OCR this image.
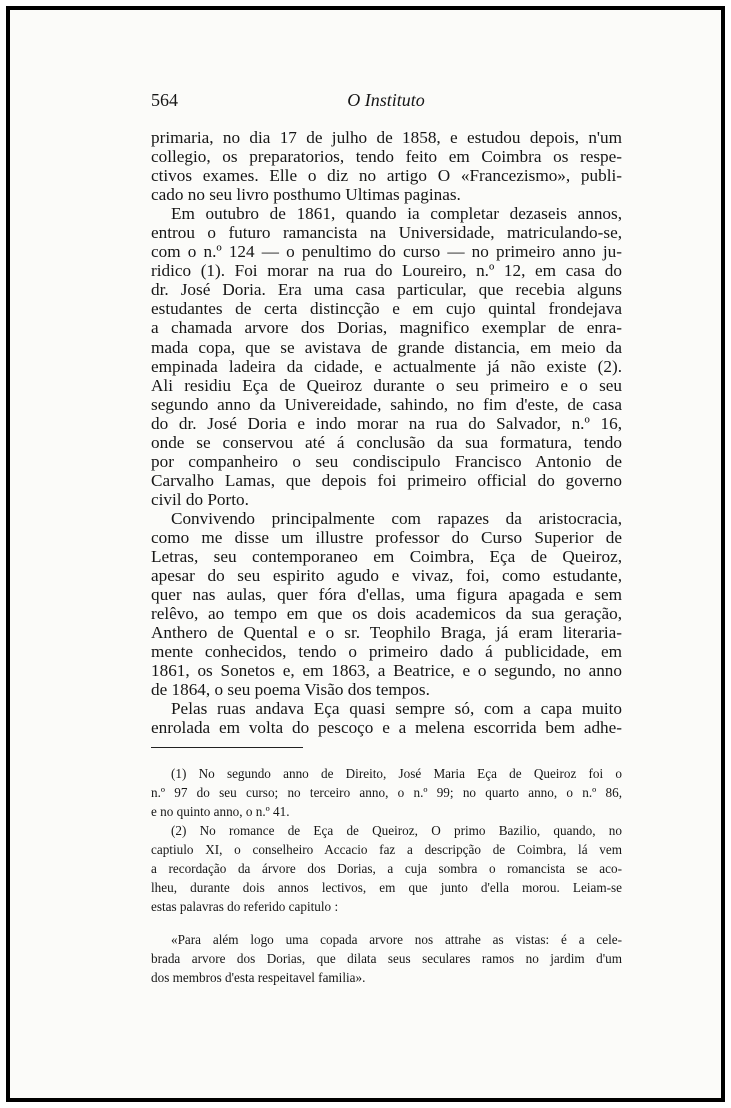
564	O Instituto
primaria, no dia 17 de julho de 1858, e estudou depois, n'um
collegio, os preparatorios, tendo feito em Coimbra os respe-
ctivos exames. Elle o diz no artigo O «Francezismo», publi-
cado no seu livro posthumo Ultimas paginas.
Em outubro de 1861, quando ia completar dezaseis annos,
entrou o futuro ramancista na Universidade, matriculando-se,
com o n.º 124 — o penultimo do curso — no primeiro anno ju-
ridico (1). Foi morar na rua do Loureiro, n.º 12, em casa do
dr. José Doria. Era uma casa particular, que recebia alguns
estudantes de certa distincção e em cujo quintal frondejava
a chamada arvore dos Dorias, magnifico exemplar de enra-
mada copa, que se avistava de grande distancia, em meio da
empinada ladeira da cidade, e actualmente já não existe (2).
Ali residiu Eça de Queiroz durante o seu primeiro e o seu
segundo anno da Univereidade, sahindo, no fim d'este, de casa
do dr. José Doria e indo morar na rua do Salvador, n.º 16,
onde se conservou até á conclusão da sua formatura, tendo
por companheiro o seu condiscipulo Francisco Antonio de
Carvalho Lamas, que depois foi primeiro official do governo
civil do Porto.
Convivendo principalmente com rapazes da aristocracia,
como me disse um illustre professor do Curso Superior de
Letras, seu contemporaneo em Coimbra, Eça de Queiroz,
apesar do seu espirito agudo e vivaz, foi, como estudante,
quer nas aulas, quer fóra d'ellas, uma figura apagada e sem
relêvo, ao tempo em que os dois academicos da sua geração,
Anthero de Quental e o sr. Teophilo Braga, já eram literaria-
mente conhecidos, tendo o primeiro dado á publicidade, em
1861, os Sonetos e, em 1863, a Beatrice, e o segundo, no anno
de 1864, o seu poema Visão dos tempos.
Pelas ruas andava Eça quasi sempre só, com a capa muito
enrolada em volta do pescoço e a melena escorrida bem adhe-
(1) No segundo anno de Direito, José Maria Eça de Queiroz foi o
n.º 97 do seu curso; no terceiro anno, o n.º 99; no quarto anno, o n.º 86,
e no quinto anno, o n.º 41.
(2) No romance de Eça de Queiroz, O primo Bazilio, quando, no
captiulo XI, o conselheiro Accacio faz a descripção de Coimbra, lá vem
a recordação da árvore dos Dorias, a cuja sombra o romancista se aco-
lheu, durante dois annos lectivos, em que junto d'ella morou. Leiam-se
estas palavras do referido capitulo :
«Para além logo uma copada arvore nos attrahe as vistas: é a cele-
brada arvore dos Dorias, que dilata seus seculares ramos no jardim d'um
dos membros d'esta respeitavel familia».
